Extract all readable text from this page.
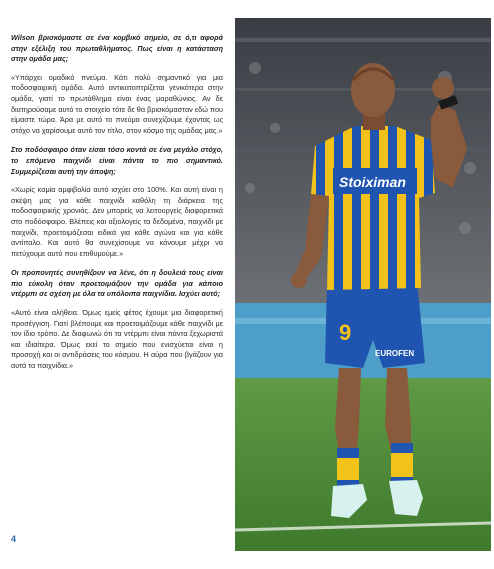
Wilson βρισκόμαστε σε ένα κομβικό σημείο, σε ό,τι αφορά στην εξέλιξη του πρωταθλήματος. Πως είναι η κατάσταση στην ομάδα μας;

«Υπάρχει ομαδικό πνεύμα. Κάτι πολύ σημαντικό για μια ποδοσφαιρική ομάδα. Αυτό αντικατοπτρίζεται γενικότερα στην ομάδα, γιατί το πρωτάθλημα είναι ένας μαραθώνιος. Αν δε διατηρούσαμε αυτό το στοιχείο τότε δε θα βρισκόμασταν εδώ που είμαστε τώρα. Άρα με αυτό το πνεύμα συνεχίζουμε έχοντας ως στόχο να χαρίσουμε αυτό τον τίτλο, στον κόσμο της ομάδας μας.»

Στο ποδόσφαιρο όταν είσαι τόσο κοντά σε ένα μεγάλο στόχο, το επόμενο παιχνίδι είναι πάντα το πιο σημαντικό. Συμμερίζεσαι αυτή την άποψη;

«Χωρίς καμία αμφιβολία αυτό ισχύει στο 100%. Και αυτή είναι η σκέψη μας για κάθε παιχνίδι καθόλη τη διάρκεια της ποδοσφαιρικής χρονιάς. Δεν μπορείς να λειτουργείς διαφορετικά στο ποδόσφαιρο. Βλέπεις και αξιολογείς τα δεδομένα, παιχνίδι με παιχνίδι, προετοιμάζεσαι ειδικά για κάθε αγώνα και για κάθε αντίπαλο. Και αυτό θα συνεχίσουμε να κάνουμε μέχρι να πετύχουμε αυτό που επιθυμούμε.»

Οι προπονητές συνηθίζουν να λένε, ότι η δουλειά τους είναι πιο εύκολη όταν προετοιμάζουν την ομάδα για κάποιο ντέρμπι σε σχέση με όλα τα υπόλοιπα παιχνίδια. Ισχύει αυτό;

«Αυτό είναι αλήθεια. Όμως εμείς φέτος έχουμε μια διαφορετική προσέγγιση. Γιατί βλέπουμε και προετοιμάζουμε κάθε παιχνίδι με τον ίδιο τρόπο. Δε διαφωνώ ότι τα ντέρμπι είναι πάντα ξεχωριστά και ιδιαίτερα. Όμως εκεί το σημείο που ενισχύεται είναι η προσοχή και οι αντιδράσεις του κόσμου. Η αύρα που βγάζουν για αυτά τα παιχνίδια.»

4
9
EUROFEN
Stoiximan
